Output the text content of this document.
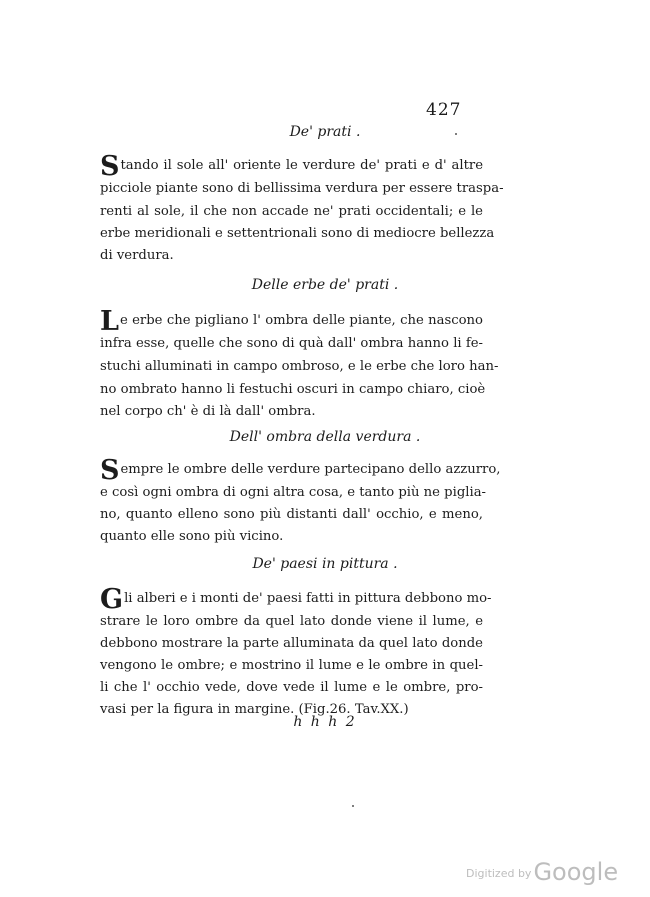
427
De' prati .
Stando il sole all' oriente le verdure de' prati e d' altre
picciole piante sono di bellissima verdura per essere traspa-
renti al sole, il che non accade ne' prati occidentali; e le
erbe meridionali e settentrionali sono di mediocre bellezza
di verdura.
Delle erbe de' prati .
Le erbe che pigliano l' ombra delle piante, che nascono
infra esse, quelle che sono di quà dall' ombra hanno li fe-
stuchi alluminati in campo ombroso, e le erbe che loro han-
no ombrato hanno li festuchi oscuri in campo chiaro, cioè
nel corpo ch' è di là dall' ombra.
Dell' ombra della verdura .
Sempre le ombre delle verdure partecipano dello azzurro,
e così ogni ombra di ogni altra cosa, e tanto più ne piglia-
no, quanto elleno sono più distanti dall' occhio, e meno,
quanto elle sono più vicino.
De' paesi in pittura .
Gli alberi e i monti de' paesi fatti in pittura debbono mo-
strare le loro ombre da quel lato donde viene il lume, e
debbono mostrare la parte alluminata da quel lato donde
vengono le ombre; e mostrino il lume e le ombre in quel-
li che l' occhio vede, dove vede il lume e le ombre, pro-
vasi per la figura in margine. (Fig.26. Tav.XX.)
h h h 2
Digitized byGoogle
